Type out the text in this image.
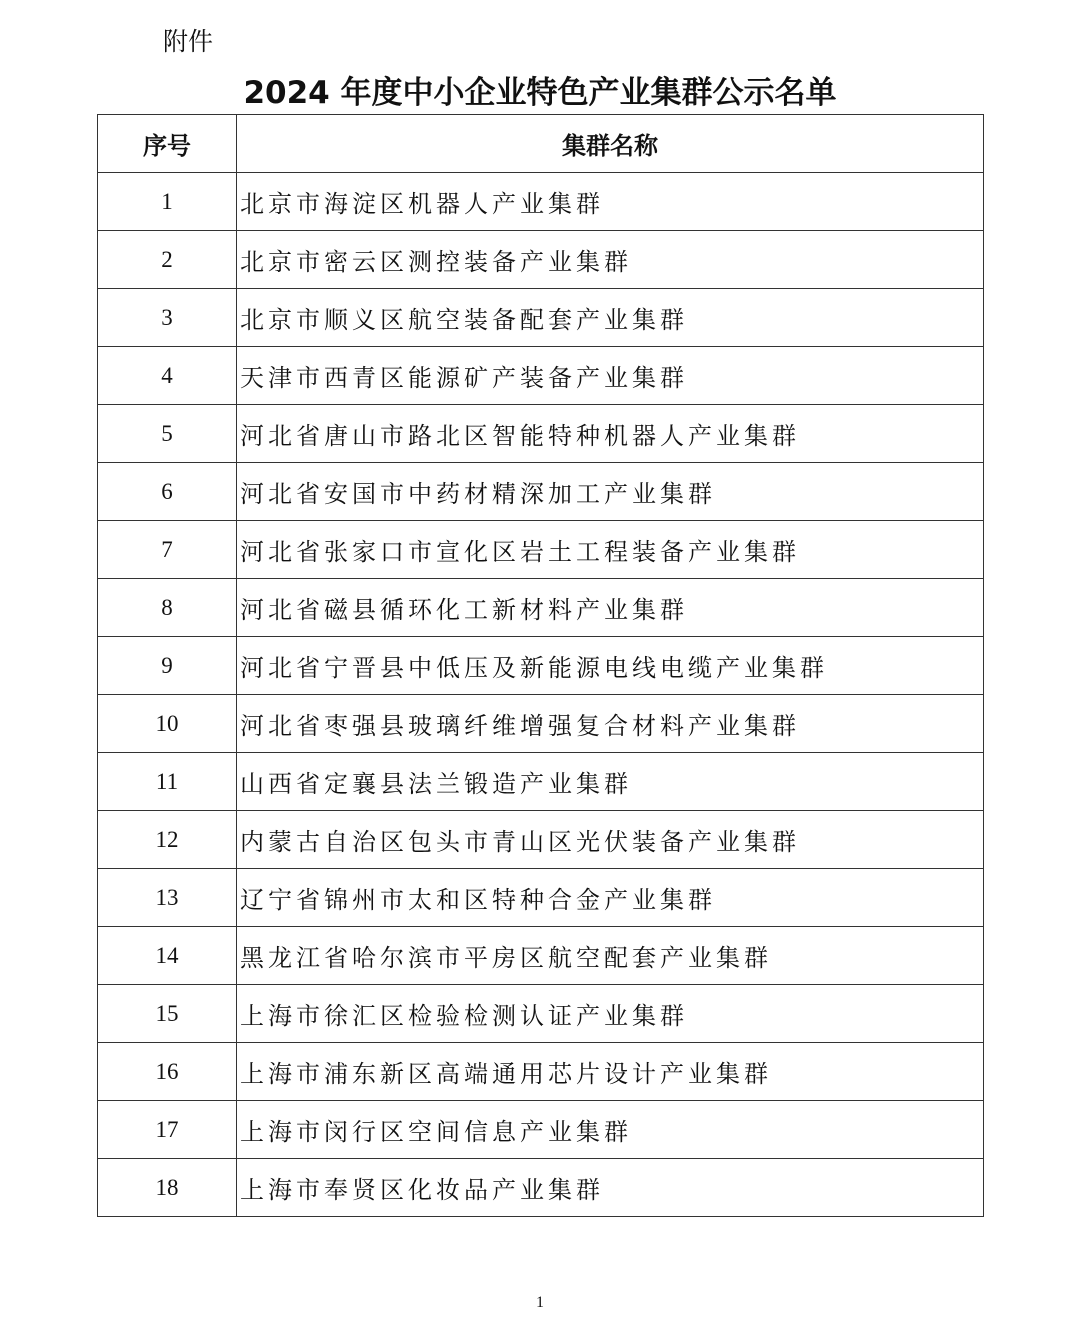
附件
2024 年度中小企业特色产业集群公示名单
序号	集群名称
1	北京市海淀区机器人产业集群
2	北京市密云区测控装备产业集群
3	北京市顺义区航空装备配套产业集群
4	天津市西青区能源矿产装备产业集群
5	河北省唐山市路北区智能特种机器人产业集群
6	河北省安国市中药材精深加工产业集群
7	河北省张家口市宣化区岩土工程装备产业集群
8	河北省磁县循环化工新材料产业集群
9	河北省宁晋县中低压及新能源电线电缆产业集群
10	河北省枣强县玻璃纤维增强复合材料产业集群
11	山西省定襄县法兰锻造产业集群
12	内蒙古自治区包头市青山区光伏装备产业集群
13	辽宁省锦州市太和区特种合金产业集群
14	黑龙江省哈尔滨市平房区航空配套产业集群
15	上海市徐汇区检验检测认证产业集群
16	上海市浦东新区高端通用芯片设计产业集群
17	上海市闵行区空间信息产业集群
18	上海市奉贤区化妆品产业集群
1
